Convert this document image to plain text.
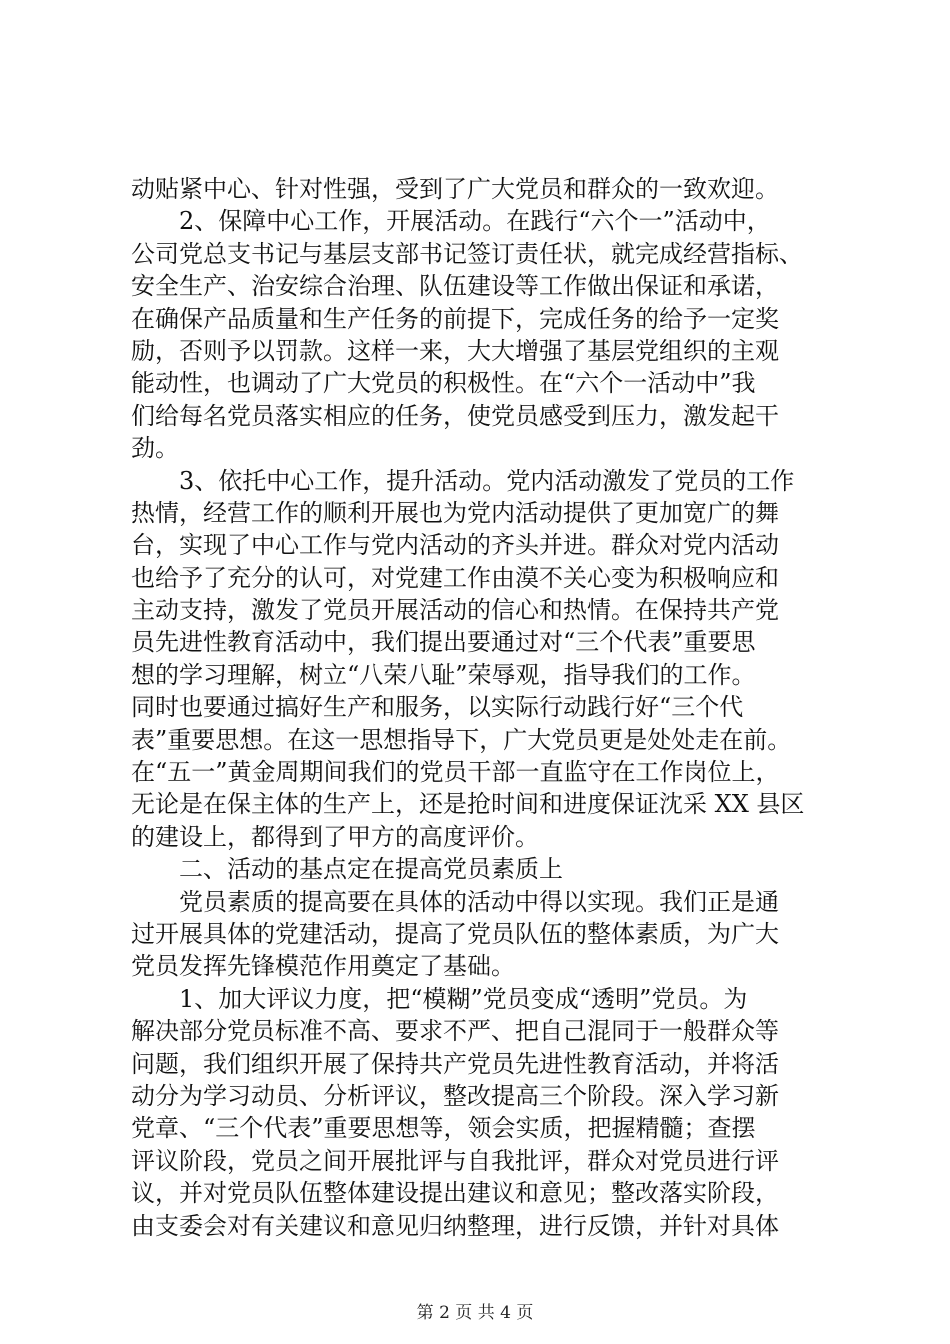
动贴紧中心、针对性强，受到了广大党员和群众的一致欢迎。
　　2、保障中心工作，开展活动。在践行“六个一”活动中，
公司党总支书记与基层支部书记签订责任状，就完成经营指标、
安全生产、治安综合治理、队伍建设等工作做出保证和承诺，
在确保产品质量和生产任务的前提下，完成任务的给予一定奖
励，否则予以罚款。这样一来，大大增强了基层党组织的主观
能动性，也调动了广大党员的积极性。在“六个一活动中”我
们给每名党员落实相应的任务，使党员感受到压力，激发起干
劲。
　　3、依托中心工作，提升活动。党内活动激发了党员的工作
热情，经营工作的顺利开展也为党内活动提供了更加宽广的舞
台，实现了中心工作与党内活动的齐头并进。群众对党内活动
也给予了充分的认可，对党建工作由漠不关心变为积极响应和
主动支持，激发了党员开展活动的信心和热情。在保持共产党
员先进性教育活动中，我们提出要通过对“三个代表”重要思
想的学习理解，树立“八荣八耻”荣辱观，指导我们的工作。
同时也要通过搞好生产和服务，以实际行动践行好“三个代
表”重要思想。在这一思想指导下，广大党员更是处处走在前。
在“五一”黄金周期间我们的党员干部一直监守在工作岗位上，
无论是在保主体的生产上，还是抢时间和进度保证沈采 XX 县区
的建设上，都得到了甲方的高度评价。
　　二、活动的基点定在提高党员素质上
　　党员素质的提高要在具体的活动中得以实现。我们正是通
过开展具体的党建活动，提高了党员队伍的整体素质，为广大
党员发挥先锋模范作用奠定了基础。
　　1、加大评议力度，把“模糊”党员变成“透明”党员。为
解决部分党员标准不高、要求不严、把自己混同于一般群众等
问题，我们组织开展了保持共产党员先进性教育活动，并将活
动分为学习动员、分析评议，整改提高三个阶段。深入学习新
党章、“三个代表”重要思想等，领会实质，把握精髓；查摆
评议阶段，党员之间开展批评与自我批评，群众对党员进行评
议，并对党员队伍整体建设提出建议和意见；整改落实阶段，
由支委会对有关建议和意见归纳整理，进行反馈，并针对具体
第 2 页 共 4 页
